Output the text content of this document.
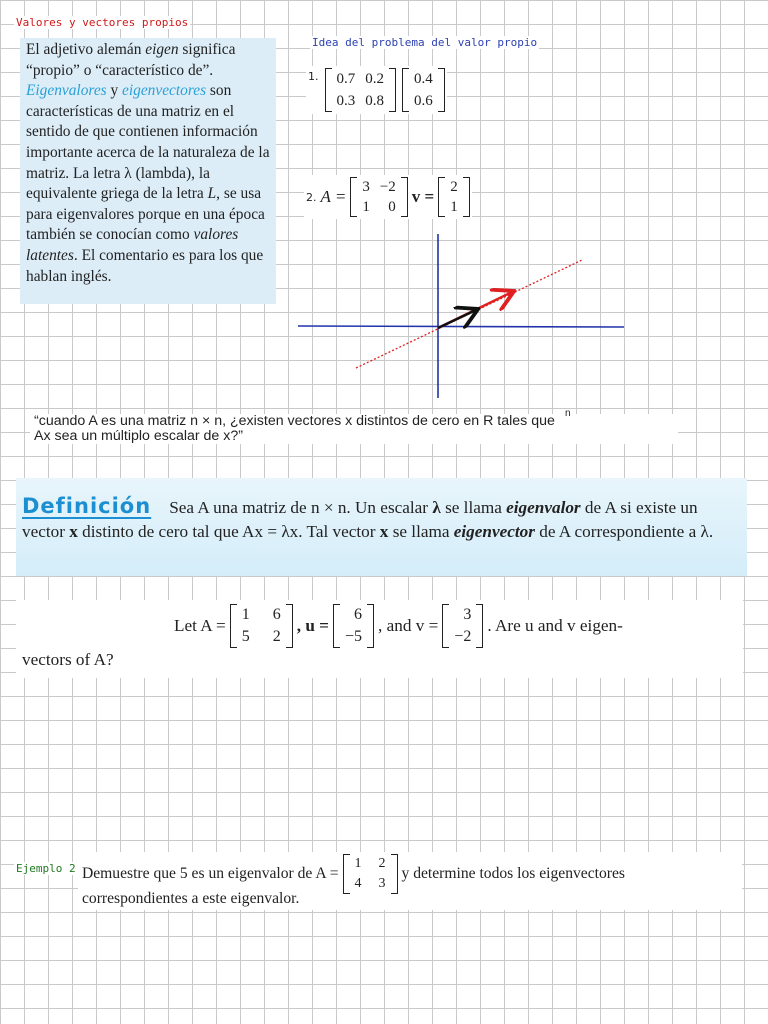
Valores y vectores propios
El adjetivo alemán eigen significa “propio” o “característico de”. Eigenvalores y eigenvectores son características de una matriz en el sentido de que contienen información importante acerca de la naturaleza de la matriz. La letra λ (lambda), la equivalente griega de la letra L, se usa para eigenvalores porque en una época también se conocían como valores latentes. El comentario es para los que hablan inglés.
Idea del problema del valor propio
1. 0.7	0.2
0.3	0.8
0.4
0.6
2. A = 3	−2
1	0
v = 2
1
“cuando A es una matriz n × n, ¿existen vectores x distintos de cero en R tales que n
Ax sea un múltiplo escalar de x?”
Definición Sea A una matriz de n × n. Un escalar λ se llama eigenvalor de A si existe un vector x distinto de cero tal que Ax = λx. Tal vector x se llama eigenvector de A correspondiente a λ.
Let A =
1	6
5	2
, u =
6
−5
, and v =
3
−2
. Are u and v eigen-
vectors of A?
Ejemplo 2 Demuestre que 5 es un eigenvalor de A =
1	2
4	3
y determine todos los eigenvectores
correspondientes a este eigenvalor.
